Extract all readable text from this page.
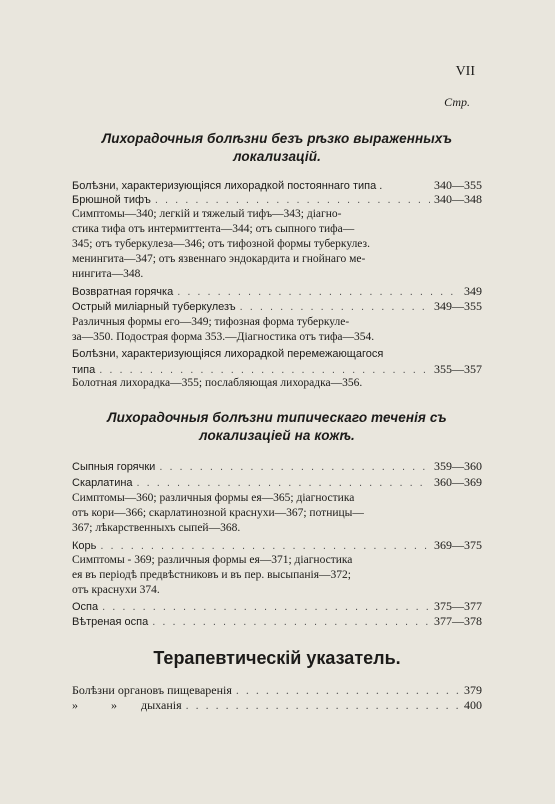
VII
Стр.
Лихорадочныя болѣзни безъ рѣзко выраженныхъ
локализацій.
Болѣзни, характеризующіяся лихорадкой постояннаго типа .	340—355
Брюшной тифъ . . .	340—348
Симптомы—340; легкій и тяжелый тифъ—343; діагно-
стика тифа отъ интермиттента—344; отъ сыпного тифа—
345; отъ туберкулеза—346; отъ тифозной формы туберкулез.
менингита—347; отъ язвеннаго эндокардита и гнойнаго ме-
нингита—348.
Возвратная горячка . . .	349
Острый миліарный туберкулезъ . . .	349—355
Различныя формы его—349; тифозная форма туберкуле-
за—350. Подострая форма 353.—Діагностика отъ тифа—354.
Болѣзни, характеризующіяся лихорадкой перемежающагося
типа . . .	355—357
Болотная лихорадка—355; послабляющая лихорадка—356.
Лихорадочныя болѣзни типическаго теченія съ
локализаціей на кожѣ.
Сыпныя горячки . . .	359—360
Скарлатина . . .	360—369
Симптомы—360; различныя формы ея—365; діагностика
отъ кори—366; скарлатинозной краснухи—367; потницы—
367; лѣкарственныхъ сыпей—368.
Корь . . .	369—375
Симптомы - 369; различныя формы ея—371; діагностика
ея въ періодѣ предвѣстниковъ и въ пер. высыпанія—372;
отъ краснухи 374.
Оспа . . .	375—377
Вѣтреная оспа . . .	377—378
Терапевтическій указатель.
Болѣзни органовъ пищеваренія . . .	379
»           »        дыханія . . .	400
